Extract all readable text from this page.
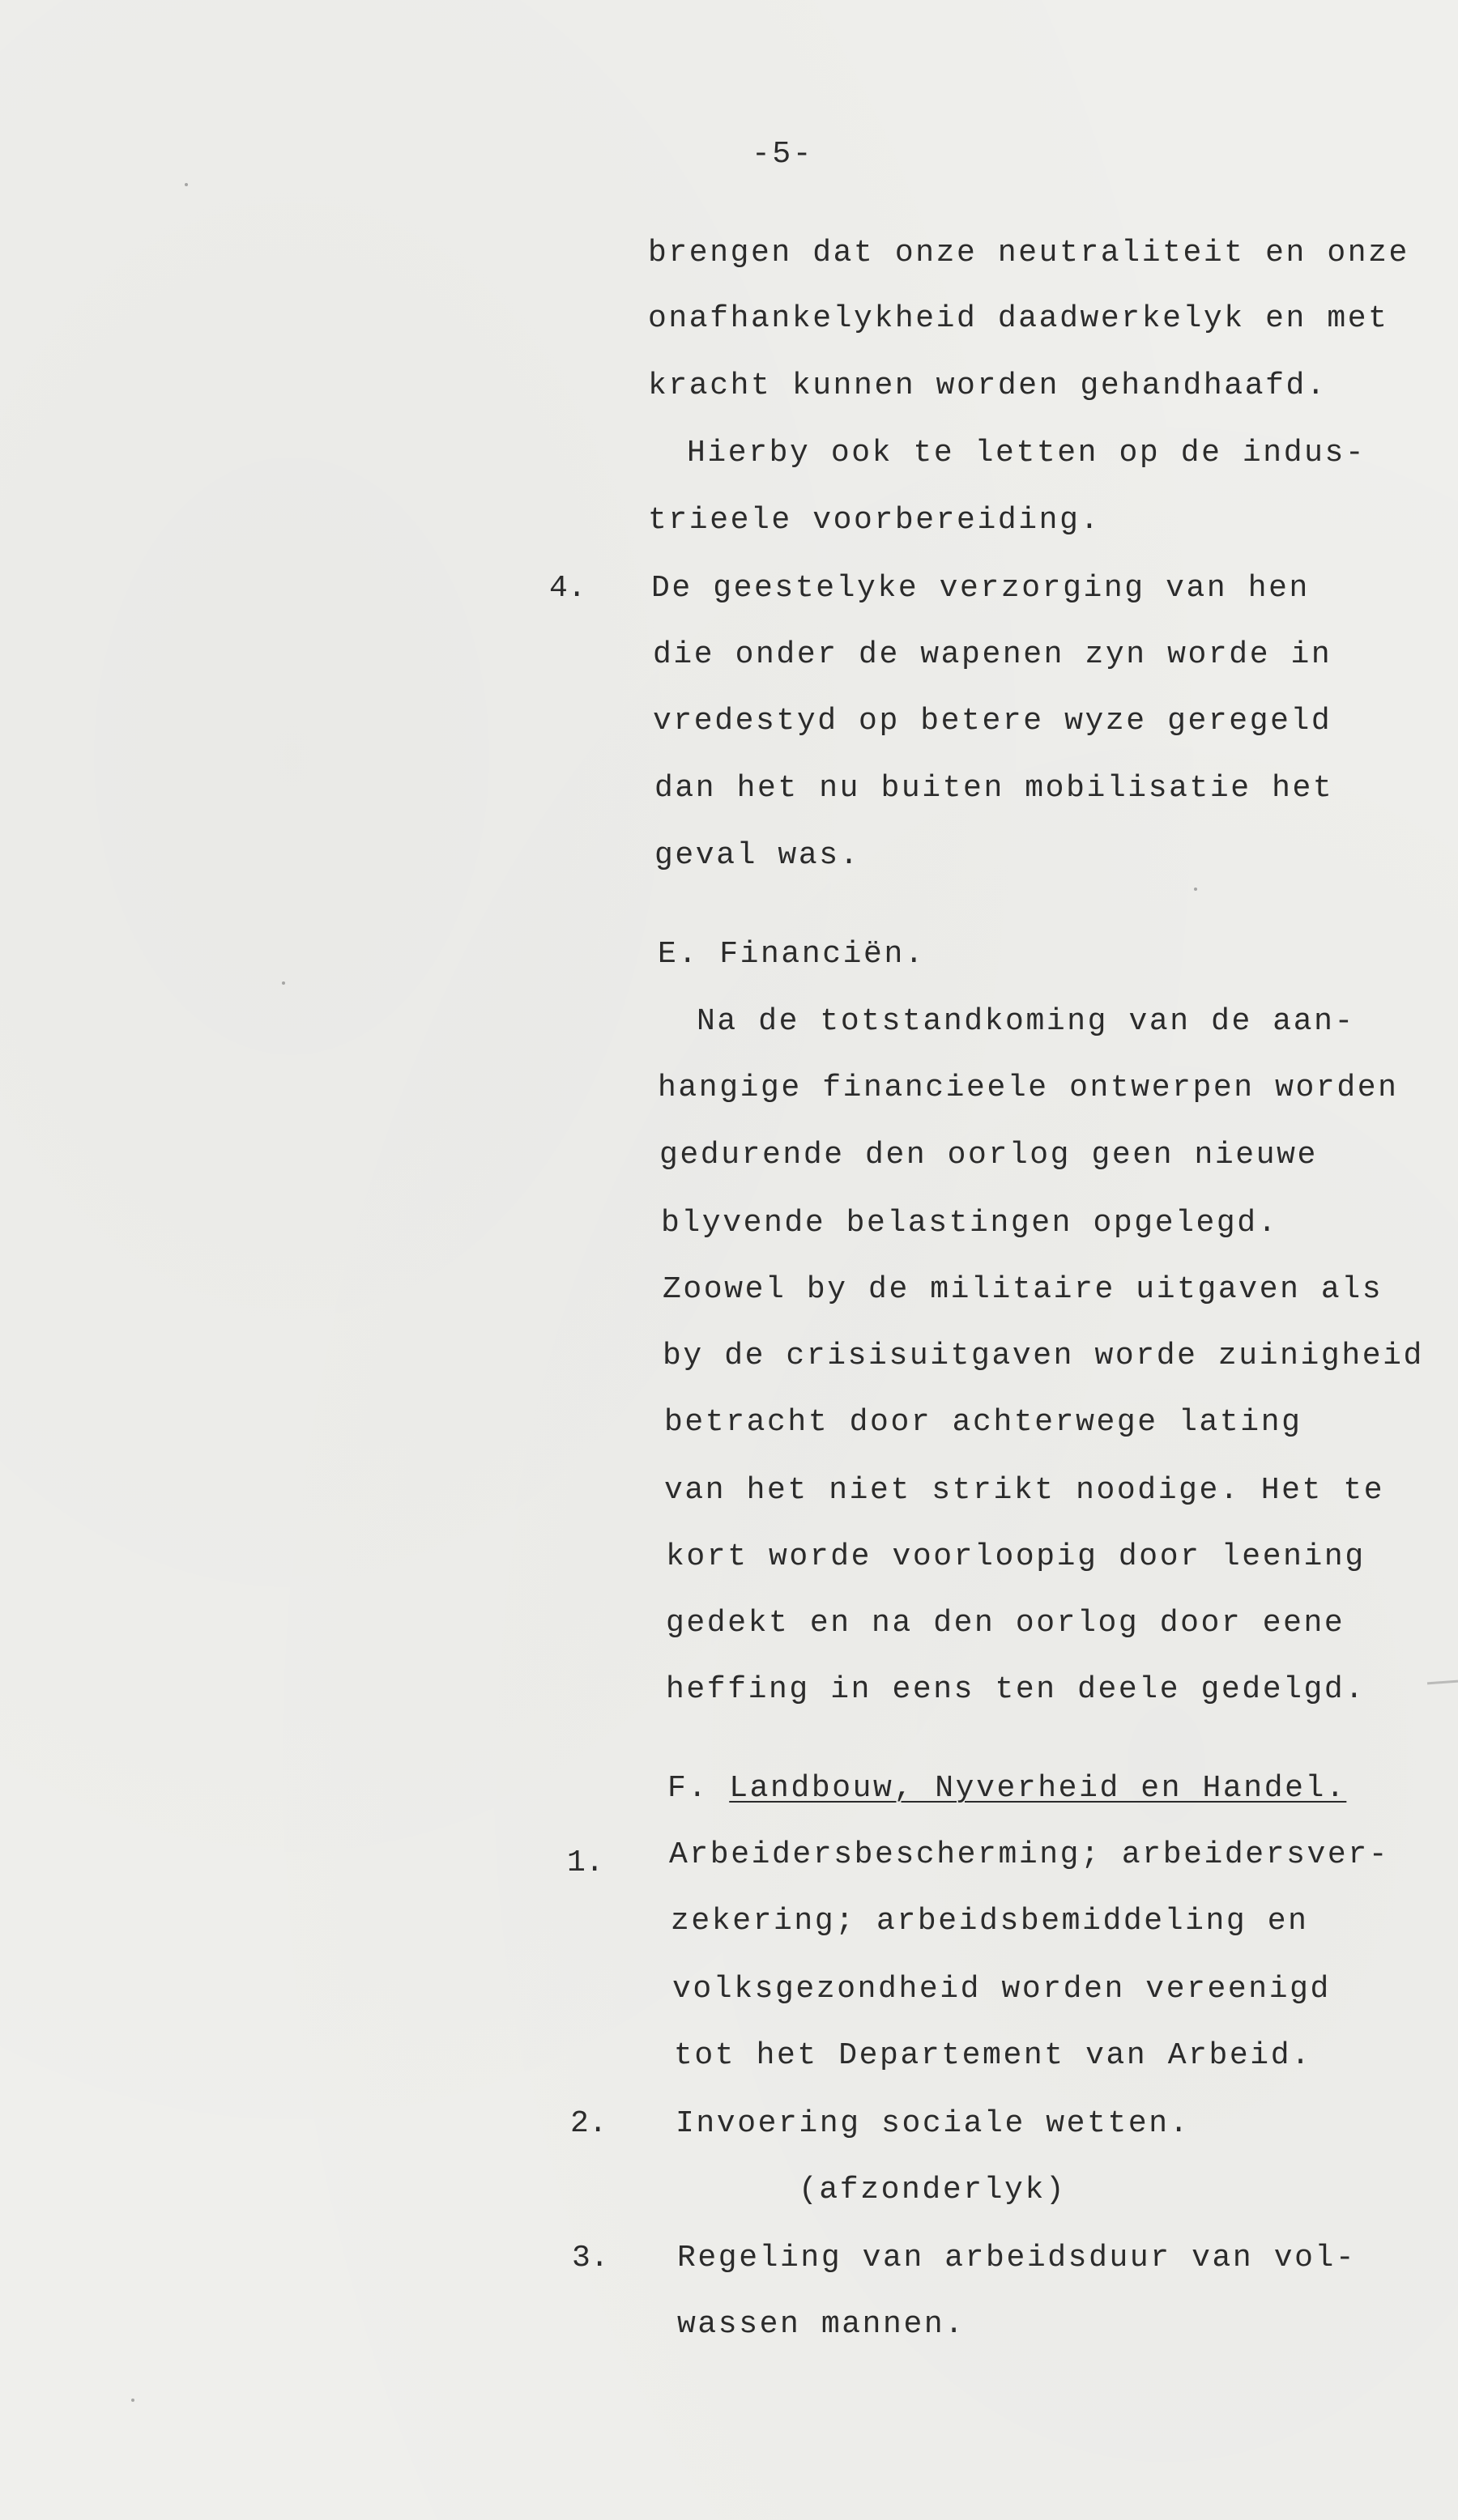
-5-
brengen dat onze neutraliteit en onze
onafhankelykheid daadwerkelyk en met
kracht kunnen worden gehandhaafd.
Hierby ook te letten op de indus-
trieele voorbereiding.
4. De geestelyke verzorging van hen
die onder de wapenen zyn worde in
vredestyd op betere wyze geregeld
dan het nu buiten mobilisatie het
geval was.
E. Financiën.
Na de totstandkoming van de aan-
hangige financieele ontwerpen worden
gedurende den oorlog geen nieuwe
blyvende belastingen opgelegd.
Zoowel by de militaire uitgaven als
by de crisisuitgaven worde zuinigheid
betracht door achterwege lating
van het niet strikt noodige. Het te
kort worde voorloopig door leening
gedekt en na den oorlog door eene
heffing in eens ten deele gedelgd.
F. Landbouw, Nyverheid en Handel.
1. Arbeidersbescherming; arbeidersver-
zekering; arbeidsbemiddeling en
volksgezondheid worden vereenigd
tot het Departement van Arbeid.
2. Invoering sociale wetten.
(afzonderlyk)
3. Regeling van arbeidsduur van vol-
wassen mannen.
